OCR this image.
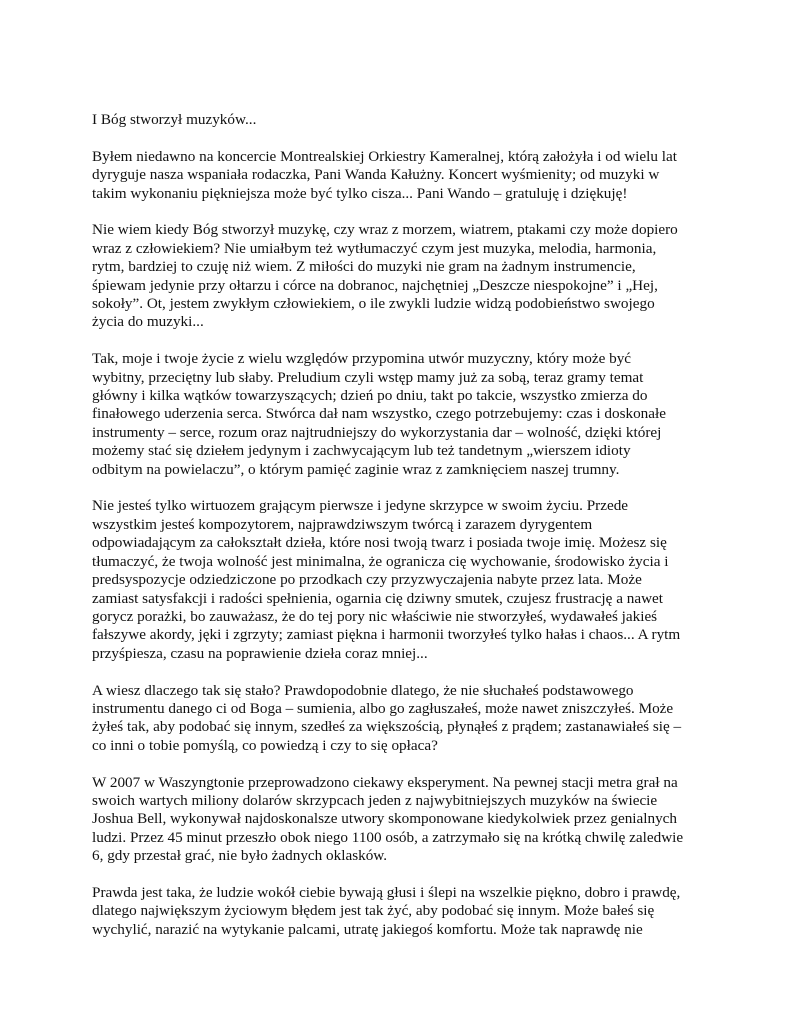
I Bóg stworzył muzyków...

Byłem niedawno na koncercie Montrealskiej Orkiestry Kameralnej, którą założyła i od wielu lat
dyryguje nasza wspaniała rodaczka, Pani Wanda Kałużny. Koncert wyśmienity; od muzyki w
takim wykonaniu piękniejsza może być tylko cisza... Pani Wando – gratuluję i dziękuję!

Nie wiem kiedy Bóg stworzył muzykę, czy wraz z morzem, wiatrem, ptakami czy może dopiero
wraz z człowiekiem? Nie umiałbym też wytłumaczyć czym jest muzyka, melodia, harmonia,
rytm, bardziej to czuję niż wiem. Z miłości do muzyki nie gram na żadnym instrumencie,
śpiewam jedynie przy ołtarzu i córce na dobranoc, najchętniej „Deszcze niespokojne” i „Hej,
sokoły”. Ot, jestem zwykłym człowiekiem, o ile zwykli ludzie widzą podobieństwo swojego
życia do muzyki...

Tak, moje i twoje życie z wielu względów przypomina utwór muzyczny, który może być
wybitny, przeciętny lub słaby. Preludium czyli wstęp mamy już za sobą, teraz gramy temat
główny i kilka wątków towarzyszących; dzień po dniu, takt po takcie, wszystko zmierza do
finałowego uderzenia serca. Stwórca dał nam wszystko, czego potrzebujemy: czas i doskonałe
instrumenty – serce, rozum oraz najtrudniejszy do wykorzystania dar – wolność, dzięki której
możemy stać się dziełem jedynym i zachwycającym lub też tandetnym „wierszem idioty
odbitym na powielaczu”, o którym pamięć zaginie wraz z zamknięciem naszej trumny.

Nie jesteś tylko wirtuozem grającym pierwsze i jedyne skrzypce w swoim życiu. Przede
wszystkim jesteś kompozytorem, najprawdziwszym twórcą i zarazem dyrygentem
odpowiadającym za całokształt dzieła, które nosi twoją twarz i posiada twoje imię. Możesz się
tłumaczyć, że twoja wolność jest minimalna, że ogranicza cię wychowanie, środowisko życia i
predsyspozycje odziedziczone po przodkach czy przyzwyczajenia nabyte przez lata. Może
zamiast satysfakcji i radości spełnienia, ogarnia cię dziwny smutek, czujesz frustrację a nawet
gorycz porażki, bo zauważasz, że do tej pory nic właściwie nie stworzyłeś, wydawałeś jakieś
fałszywe akordy, jęki i zgrzyty; zamiast piękna i harmonii tworzyłeś tylko hałas i chaos... A rytm
przyśpiesza, czasu na poprawienie dzieła coraz mniej...

A wiesz dlaczego tak się stało? Prawdopodobnie dlatego, że nie słuchałeś podstawowego
instrumentu danego ci od Boga – sumienia, albo go zagłuszałeś, może nawet zniszczyłeś. Może
żyłeś tak, aby podobać się innym, szedłeś za większością, płynąłeś z prądem; zastanawiałeś się –
co inni o tobie pomyślą, co powiedzą i czy to się opłaca?

W 2007 w Waszyngtonie przeprowadzono ciekawy eksperyment. Na pewnej stacji metra grał na
swoich wartych miliony dolarów skrzypcach jeden z najwybitniejszych muzyków na świecie
Joshua Bell, wykonywał najdoskonalsze utwory skomponowane kiedykolwiek przez genialnych
ludzi. Przez 45 minut przeszło obok niego 1100 osób, a zatrzymało się na krótką chwilę zaledwie
6, gdy przestał grać, nie było żadnych oklasków.

Prawda jest taka, że ludzie wokół ciebie bywają głusi i ślepi na wszelkie piękno, dobro i prawdę,
dlatego największym życiowym błędem jest tak żyć, aby podobać się innym. Może bałeś się
wychylić, narazić na wytykanie palcami, utratę jakiegoś komfortu. Może tak naprawdę nie
